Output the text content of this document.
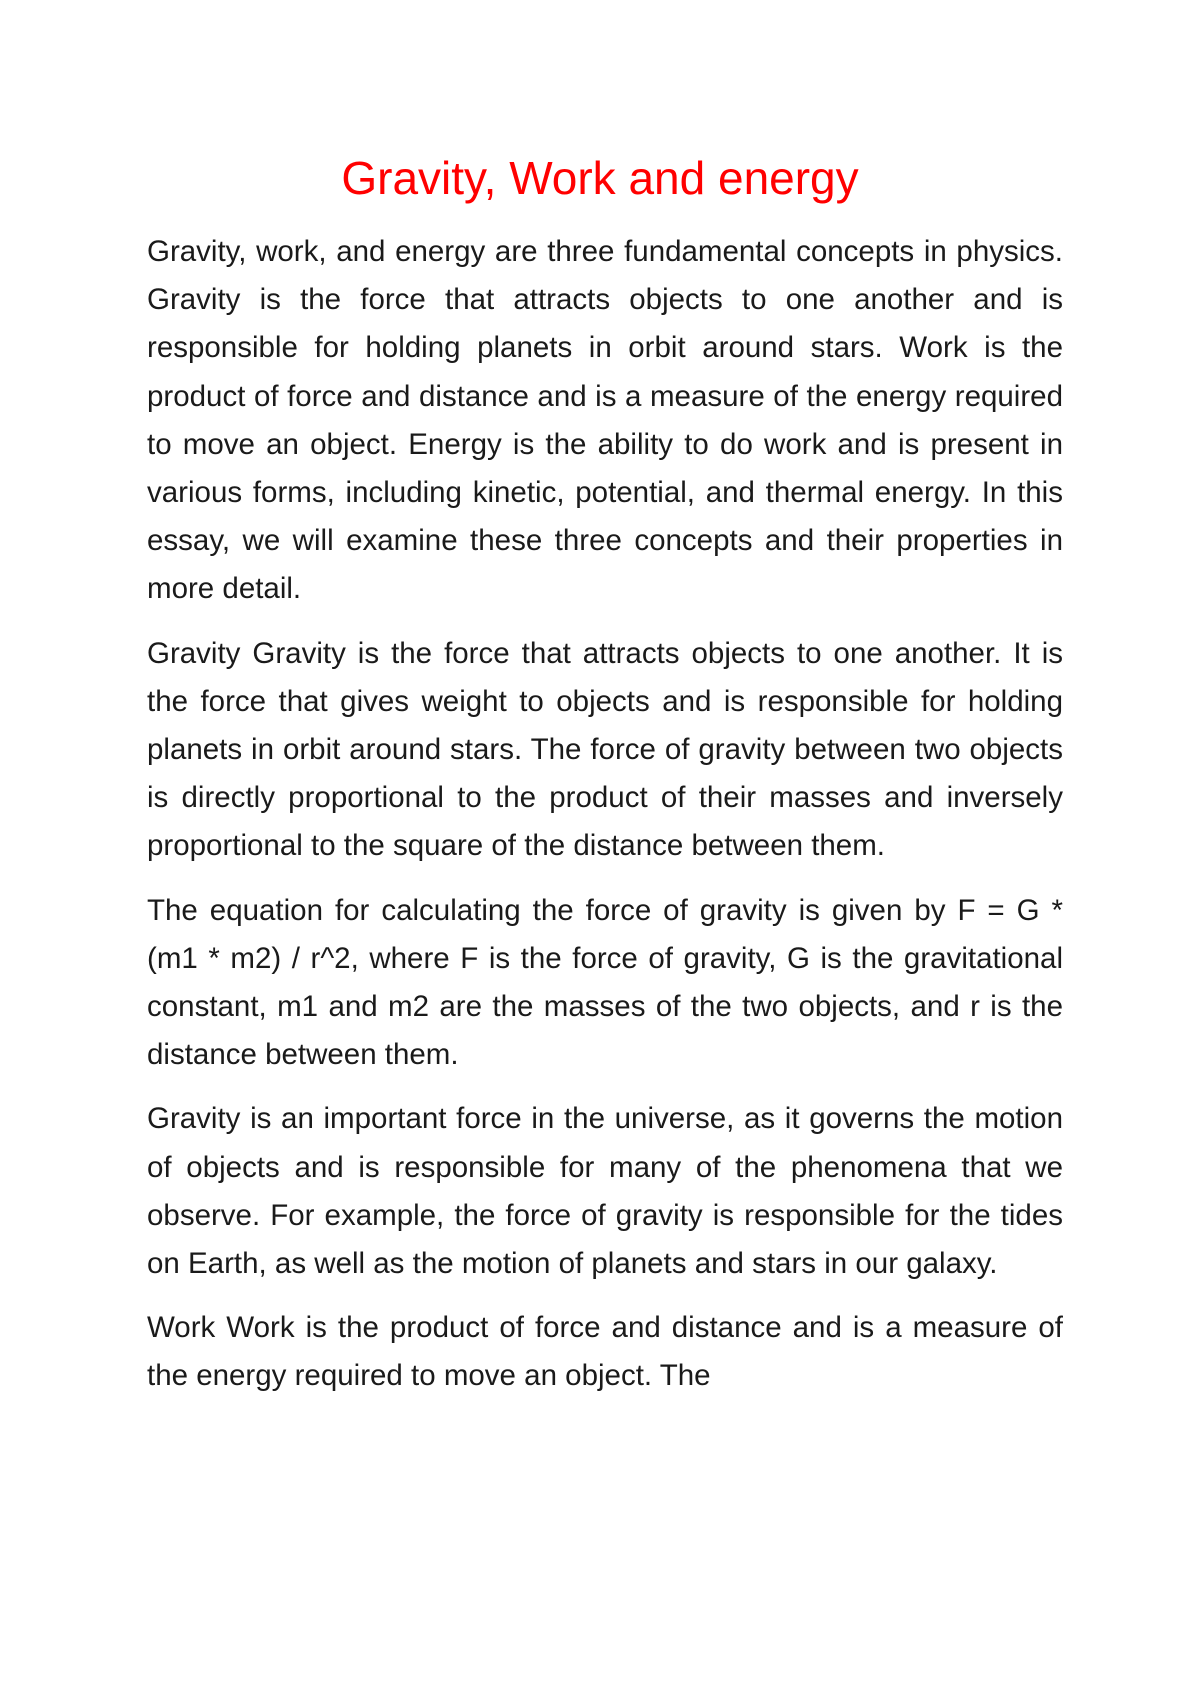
Gravity, Work and energy

Gravity, work, and energy are three fundamental concepts in physics. Gravity is the force that attracts objects to one another and is responsible for holding planets in orbit around stars. Work is the product of force and distance and is a measure of the energy required to move an object. Energy is the ability to do work and is present in various forms, including kinetic, potential, and thermal energy. In this essay, we will examine these three concepts and their properties in more detail.

Gravity Gravity is the force that attracts objects to one another. It is the force that gives weight to objects and is responsible for holding planets in orbit around stars. The force of gravity between two objects is directly proportional to the product of their masses and inversely proportional to the square of the distance between them.

The equation for calculating the force of gravity is given by F = G * (m1 * m2) / r^2, where F is the force of gravity, G is the gravitational constant, m1 and m2 are the masses of the two objects, and r is the distance between them.

Gravity is an important force in the universe, as it governs the motion of objects and is responsible for many of the phenomena that we observe. For example, the force of gravity is responsible for the tides on Earth, as well as the motion of planets and stars in our galaxy.

Work Work is the product of force and distance and is a measure of the energy required to move an object. The
